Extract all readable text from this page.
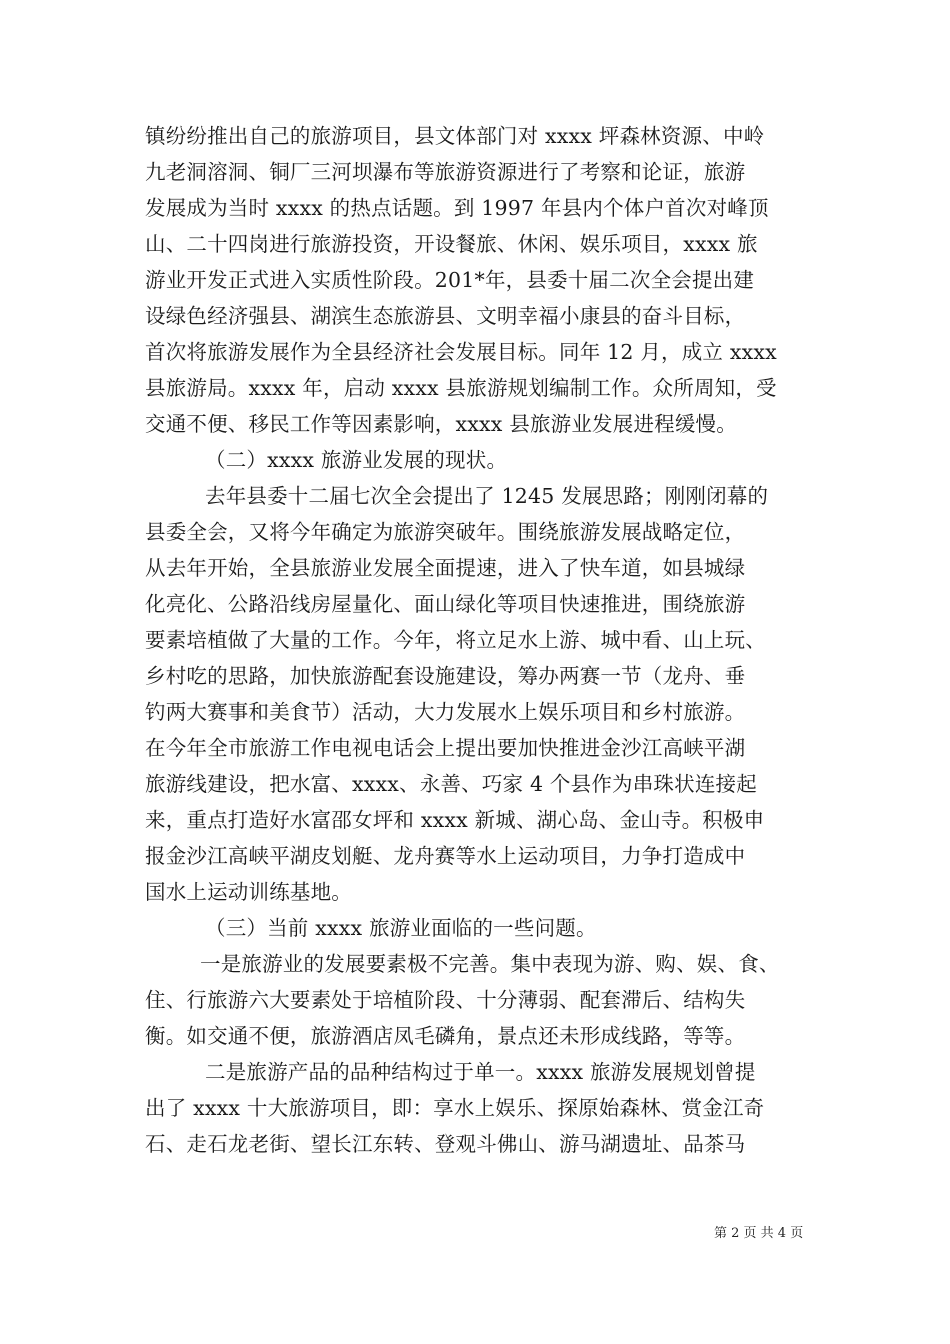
镇纷纷推出自己的旅游项目，县文体部门对 xxxx 坪森林资源、中岭
九老洞溶洞、铜厂三河坝瀑布等旅游资源进行了考察和论证，旅游
发展成为当时 xxxx 的热点话题。到 1997 年县内个体户首次对峰顶
山、二十四岗进行旅游投资，开设餐旅、休闲、娱乐项目，xxxx 旅
游业开发正式进入实质性阶段。201*年，县委十届二次全会提出建
设绿色经济强县、湖滨生态旅游县、文明幸福小康县的奋斗目标，
首次将旅游发展作为全县经济社会发展目标。同年 12 月，成立 xxxx
县旅游局。xxxx 年，启动 xxxx 县旅游规划编制工作。众所周知，受
交通不便、移民工作等因素影响，xxxx 县旅游业发展进程缓慢。
（二）xxxx 旅游业发展的现状。
去年县委十二届七次全会提出了 1245 发展思路；刚刚闭幕的
县委全会，又将今年确定为旅游突破年。围绕旅游发展战略定位，
从去年开始，全县旅游业发展全面提速，进入了快车道，如县城绿
化亮化、公路沿线房屋量化、面山绿化等项目快速推进，围绕旅游
要素培植做了大量的工作。今年，将立足水上游、城中看、山上玩、
乡村吃的思路，加快旅游配套设施建设，筹办两赛一节（龙舟、垂
钓两大赛事和美食节）活动，大力发展水上娱乐项目和乡村旅游。
在今年全市旅游工作电视电话会上提出要加快推进金沙江高峡平湖
旅游线建设，把水富、xxxx、永善、巧家 4 个县作为串珠状连接起
来，重点打造好水富邵女坪和 xxxx 新城、湖心岛、金山寺。积极申
报金沙江高峡平湖皮划艇、龙舟赛等水上运动项目，力争打造成中
国水上运动训练基地。
（三）当前 xxxx 旅游业面临的一些问题。
一是旅游业的发展要素极不完善。集中表现为游、购、娱、食、
住、行旅游六大要素处于培植阶段、十分薄弱、配套滞后、结构失
衡。如交通不便，旅游酒店凤毛磷角，景点还未形成线路，等等。
二是旅游产品的品种结构过于单一。xxxx 旅游发展规划曾提
出了 xxxx 十大旅游项目，即：享水上娱乐、探原始森林、赏金江奇
石、走石龙老街、望长江东转、登观斗佛山、游马湖遗址、品茶马
第 2 页 共 4 页
